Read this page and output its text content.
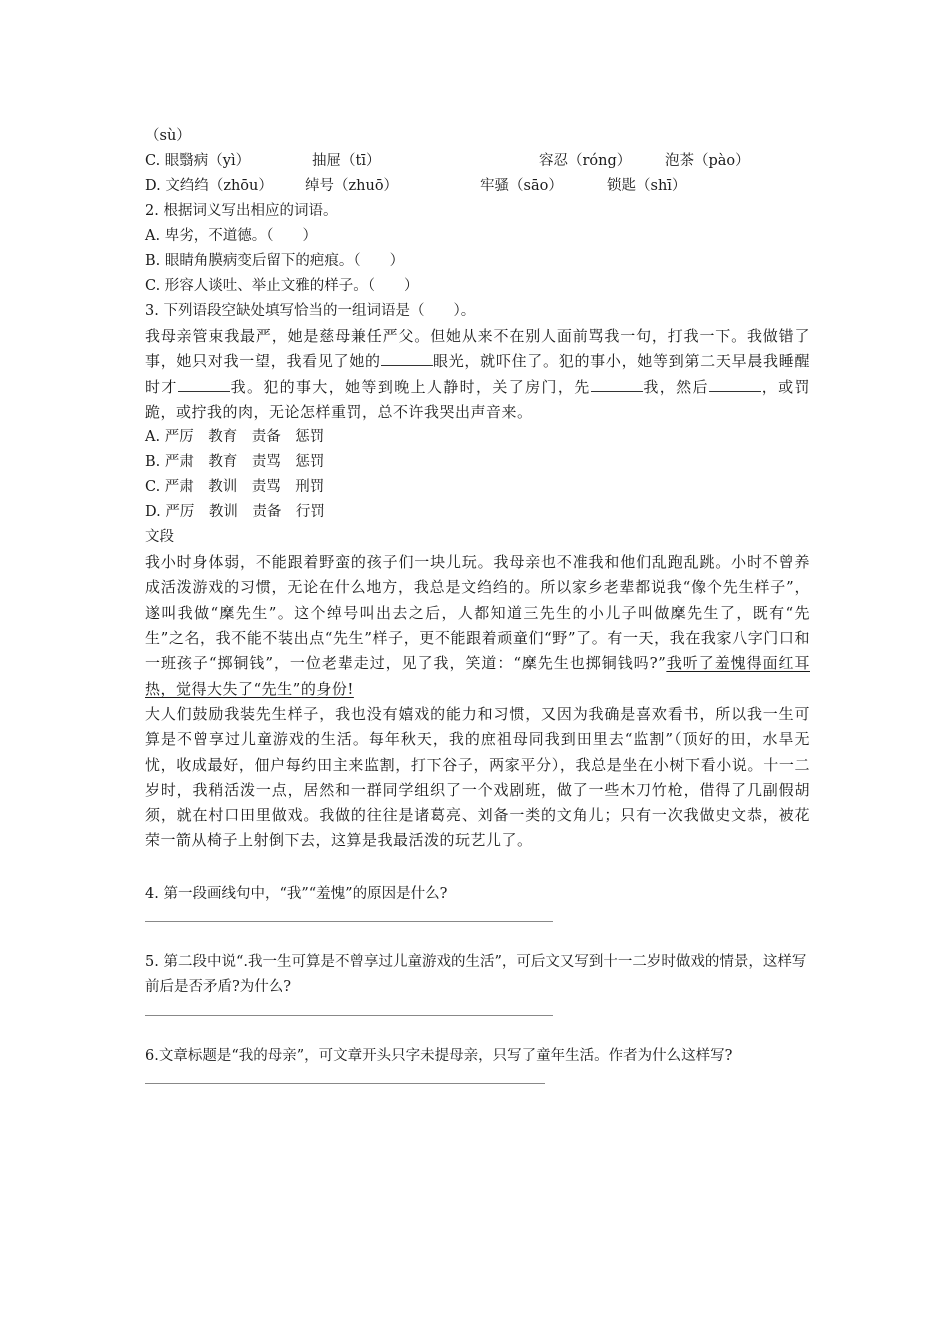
（sù）
C. 眼翳病（yì）	抽屉（tī）	容忍（róng） 泡茶（pào）
D. 文绉绉（zhōu） 绰号（zhuō）	牢骚（sāo）	锁匙（shī）
2. 根据词义写出相应的词语。
A. 卑劣，不道德。（　　）
B. 眼睛角膜病变后留下的疤痕。（　　）
C. 形容人谈吐、举止文雅的样子。（　　）
3. 下列语段空缺处填写恰当的一组词语是（　　）。
我母亲管束我最严，她是慈母兼任严父。但她从来不在别人面前骂我一句，打我一下。我做错了事，她只对我一望，我看见了她的	眼光，就吓住了。犯的事小，她等到第二天早晨我睡醒时才	我。犯的事大，她等到晚上人静时，关了房门，先	我，然后	，或罚跪，或拧我的肉，无论怎样重罚，总不许我哭出声音来。
A. 严厉　教育　责备　惩罚
B. 严肃　教育　责骂　惩罚
C. 严肃　教训　责骂　刑罚
D. 严厉　教训　责备　行罚
文段
我小时身体弱，不能跟着野蛮的孩子们一块儿玩。我母亲也不准我和他们乱跑乱跳。小时不曾养成活泼游戏的习惯，无论在什么地方，我总是文绉绉的。所以家乡老辈都说我“像个先生样子”，遂叫我做“穈先生”。这个绰号叫出去之后，人都知道三先生的小儿子叫做穈先生了，既有“先生”之名，我不能不装出点“先生”样子，更不能跟着顽童们“野”了。有一天，我在我家八字门口和一班孩子“掷铜钱”，一位老辈走过，见了我，笑道：“穈先生也掷铜钱吗?”我听了羞愧得面红耳热，觉得大失了“先生”的身份!
大人们鼓励我装先生样子，我也没有嬉戏的能力和习惯，又因为我确是喜欢看书，所以我一生可算是不曾享过儿童游戏的生活。每年秋天，我的庶祖母同我到田里去“监割”（顶好的田，水旱无忧，收成最好，佃户每约田主来监割，打下谷子，两家平分），我总是坐在小树下看小说。十一二岁时，我稍活泼一点，居然和一群同学组织了一个戏剧班，做了一些木刀竹枪，借得了几副假胡须，就在村口田里做戏。我做的往往是诸葛亮、刘备一类的文角儿；只有一次我做史文恭，被花荣一箭从椅子上射倒下去，这算是我最活泼的玩艺儿了。
4. 第一段画线句中，“我”“羞愧”的原因是什么?
5. 第二段中说“.我一生可算是不曾享过儿童游戏的生活”，可后文又写到十一二岁时做戏的情景，这样写前后是否矛盾?为什么?
6.文章标题是“我的母亲”，可文章开头只字未提母亲，只写了童年生活。作者为什么这样写?
